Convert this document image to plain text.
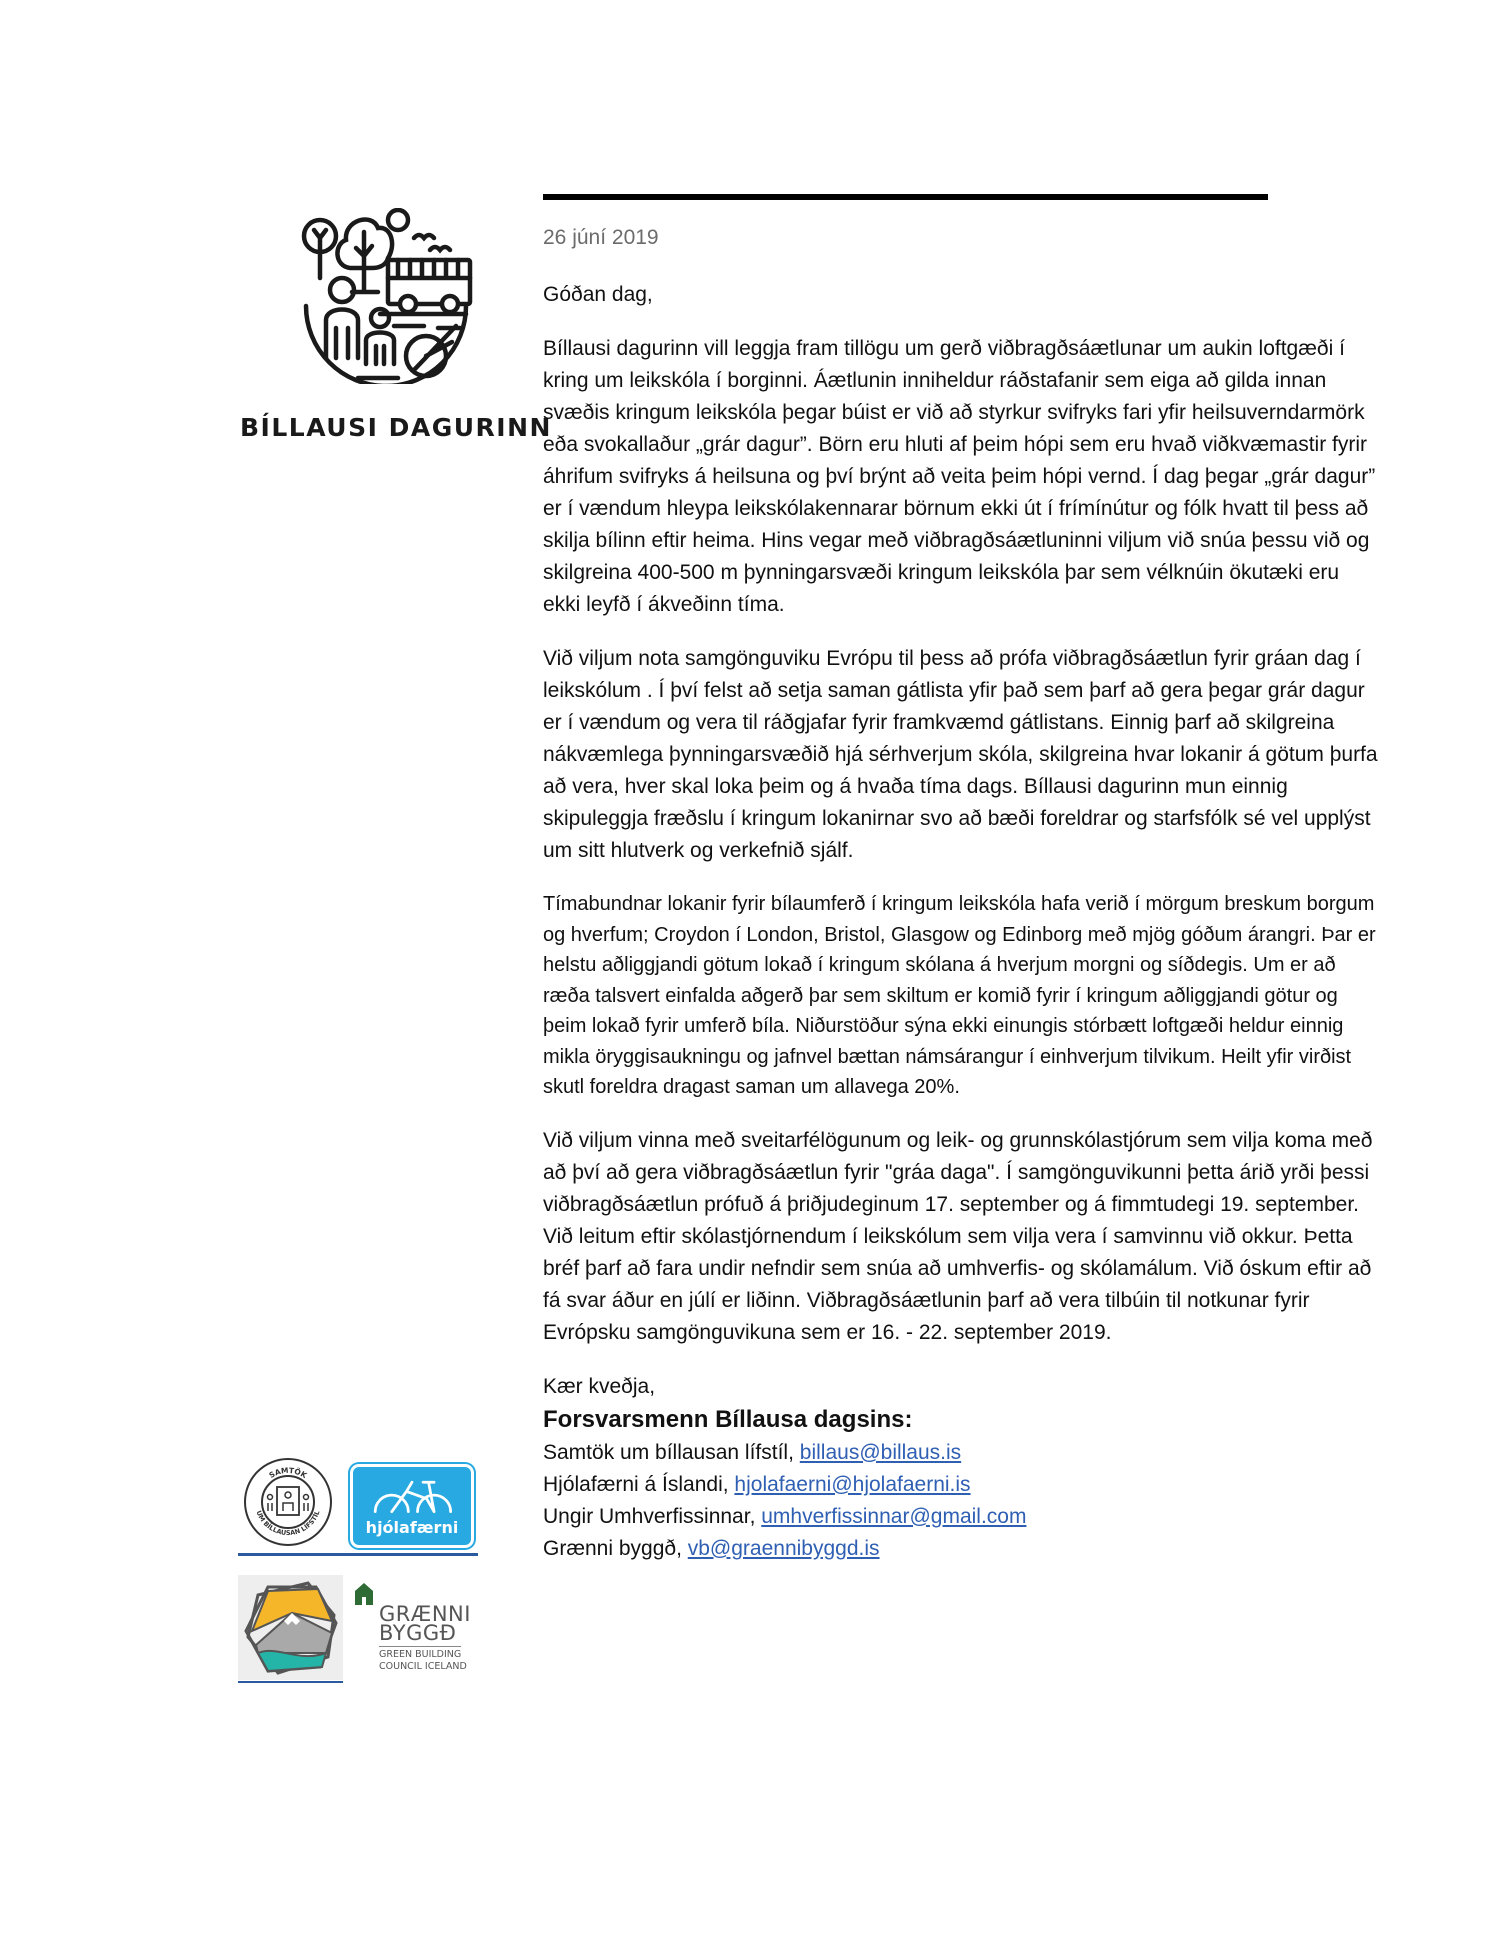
BÍLLAUSI DAGURINN
26 júní 2019
Góðan dag,

Bíllausi dagurinn vill leggja fram tillögu um gerð viðbragðsáætlunar um aukin loftgæði í kring um leikskóla í borginni. Áætlunin inniheldur ráðstafanir sem eiga að gilda innan svæðis kringum leikskóla þegar búist er við að styrkur svifryks fari yfir heilsuverndarmörk eða svokallaður „grár dagur”. Börn eru hluti af þeim hópi sem eru hvað viðkvæmastir fyrir áhrifum svifryks á heilsuna og því brýnt að veita þeim hópi vernd. Í dag þegar „grár dagur” er í vændum hleypa leikskólakennarar börnum ekki út í frímínútur og fólk hvatt til þess að skilja bílinn eftir heima. Hins vegar með viðbragðsáætluninni viljum við snúa þessu við og skilgreina 400-500 m þynningarsvæði kringum leikskóla þar sem vélknúin ökutæki eru ekki leyfð í ákveðinn tíma.

Við viljum nota samgönguviku Evrópu til þess að prófa viðbragðsáætlun fyrir gráan dag í leikskólum . Í því felst að setja saman gátlista yfir það sem þarf að gera þegar grár dagur er í vændum og vera til ráðgjafar fyrir framkvæmd gátlistans. Einnig þarf að skilgreina nákvæmlega þynningarsvæðið hjá sérhverjum skóla, skilgreina hvar lokanir á götum þurfa að vera, hver skal loka þeim og á hvaða tíma dags. Bíllausi dagurinn mun einnig skipuleggja fræðslu í kringum lokanirnar svo að bæði foreldrar og starfsfólk sé vel upplýst um sitt hlutverk og verkefnið sjálf.

Tímabundnar lokanir fyrir bílaumferð í kringum leikskóla hafa verið í mörgum breskum borgum og hverfum; Croydon í London, Bristol, Glasgow og Edinborg með mjög góðum árangri. Þar er helstu aðliggjandi götum lokað í kringum skólana á hverjum morgni og síðdegis. Um er að ræða talsvert einfalda aðgerð þar sem skiltum er komið fyrir í kringum aðliggjandi götur og þeim lokað fyrir umferð bíla. Niðurstöður sýna ekki einungis stórbætt loftgæði heldur einnig mikla öryggisaukningu og jafnvel bættan námsárangur í einhverjum tilvikum. Heilt yfir virðist skutl foreldra dragast saman um allavega 20%.

Við viljum vinna með sveitarfélögunum og leik- og grunnskólastjórum sem vilja koma með að því að gera viðbragðsáætlun fyrir "gráa daga". Í samgönguvikunni þetta árið yrði þessi viðbragðsáætlun prófuð á þriðjudeginum 17. september og á fimmtudegi 19. september. Við leitum eftir skólastjórnendum í leikskólum sem vilja vera í samvinnu við okkur. Þetta bréf þarf að fara undir nefndir sem snúa að umhverfis- og skólamálum. Við óskum eftir að fá svar áður en júlí er liðinn. Viðbragðsáætlunin þarf að vera tilbúin til notkunar fyrir Evrópsku samgönguvikuna sem er 16. - 22. september 2019.

Kær kveðja,
Forsvarsmenn Bíllausa dagsins:
Samtök um bíllausan lífstíl, billaus@billaus.is
Hjólafærni á Íslandi, hjolafaerni@hjolafaerni.is
Ungir Umhverfissinnar, umhverfissinnar@gmail.com
Grænni byggð, vb@graennibyggd.is
SAMTÖK
UM BÍLLAUSAN LÍFSTÍL
hjólafærni
GRÆNNI
BYGGÐ
GREEN BUILDING
COUNCIL ICELAND
